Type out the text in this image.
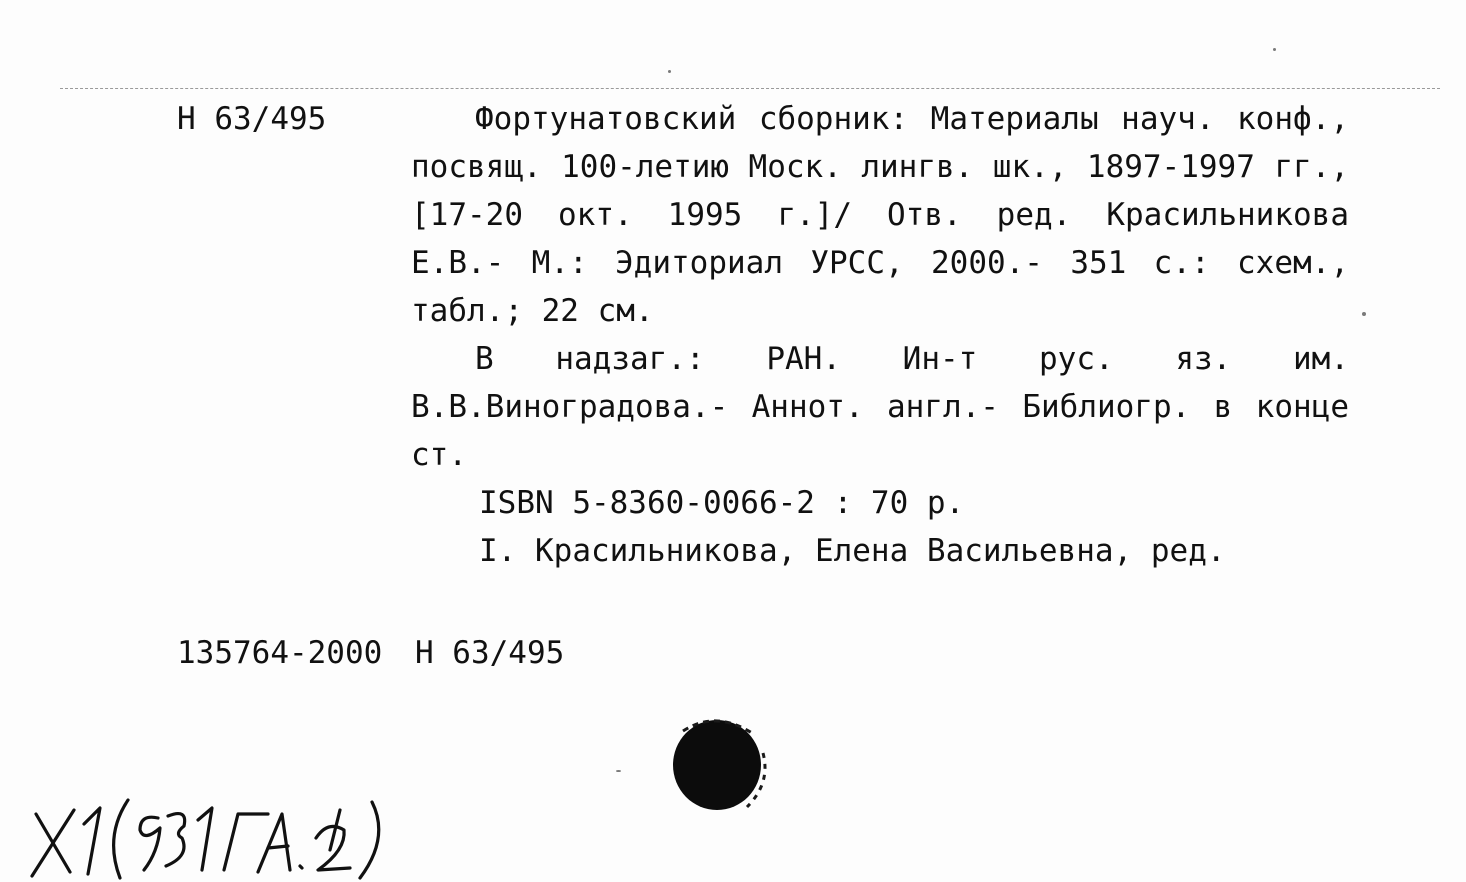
Н 63/495	Фортунатовский сборник: Материалы науч. конф., посвящ. 100-летию Моск. лингв. шк., 1897-1997 гг., [17-20 окт. 1995 г.]/ Отв. ред. Красильникова Е.В.- М.: Эдиториал УРСС, 2000.- 351 с.: схем., табл.; 22 см.

В надзаг.: РАН. Ин-т рус. яз. им. В.В.Виноградова.- Аннот. англ.- Библиогр. в конце ст.

ISBN 5-8360-0066-2 : 70 р.

I. Красильникова, Елена Васильевна, ред.

135764-2000 Н 63/495
